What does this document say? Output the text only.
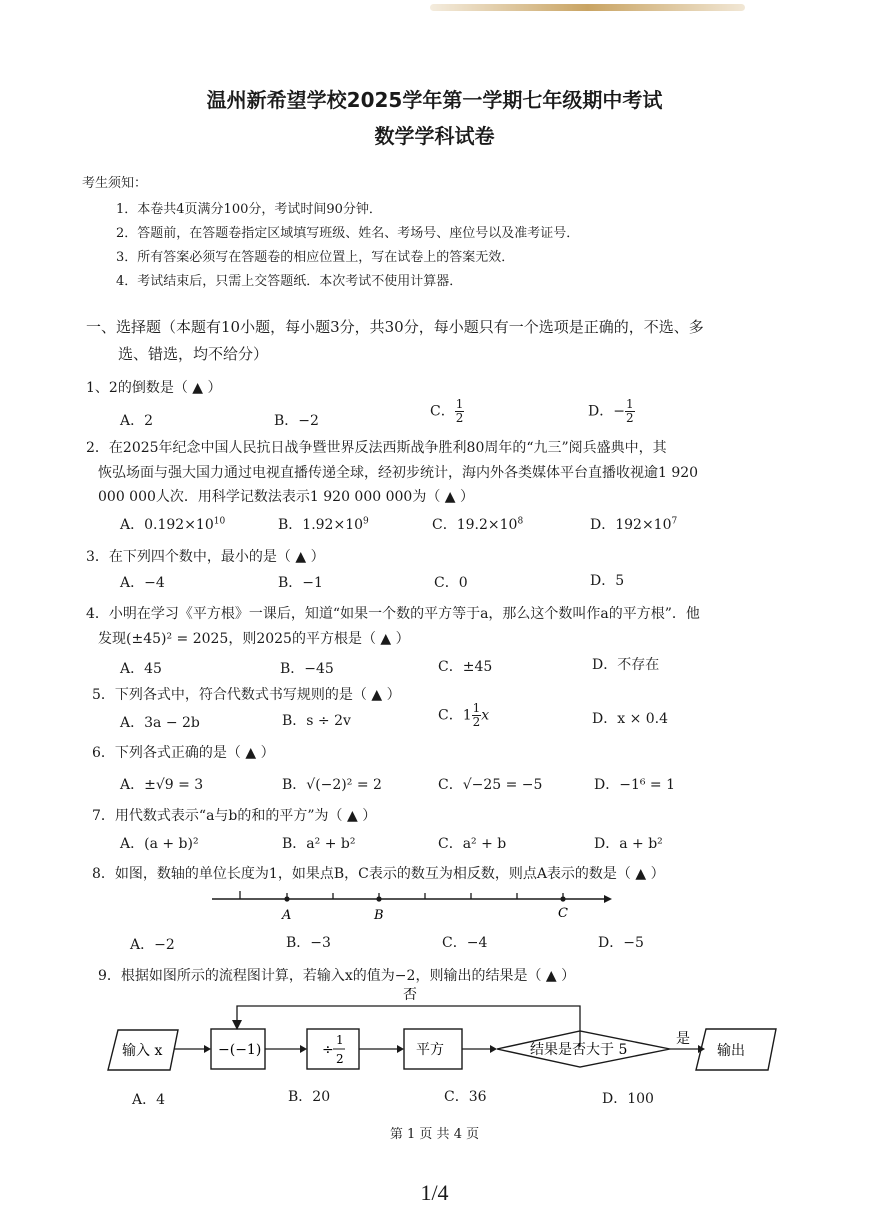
温州新希望学校2025学年第一学期七年级期中考试
数学学科试卷
考生须知：
1．本卷共4页满分100分，考试时间90分钟．
2．答题前，在答题卷指定区域填写班级、姓名、考场号、座位号以及准考证号．
3．所有答案必须写在答题卷的相应位置上，写在试卷上的答案无效．
4．考试结束后，只需上交答题纸．本次考试不使用计算器．
一、选择题（本题有10小题，每小题3分，共30分，每小题只有一个选项是正确的，不选、多
选、错选，均不给分）
1、2的倒数是（ ▲ ）
A．2	B．−2
C． $\frac{1}{2}$	D．− $\frac{1}{2}$
2．在2025年纪念中国人民抗日战争暨世界反法西斯战争胜利80周年的“九三”阅兵盛典中，其
恢弘场面与强大国力通过电视直播传递全球，经初步统计，海内外各类媒体平台直播收视逾1 920
000 000人次．用科学记数法表示1 920 000 000为（ ▲ ）
A．$0.192\times 10^{10}$	B．$1.92\times 10^9$	C．$19.2\times 10^8$	D．$192\times 10^7$
3．在下列四个数中，最小的是（ ▲ ）
A．−4	B．−1	C．0	D．5
4．小明在学习《平方根》一课后，知道“如果一个数的平方等于a，那么这个数叫作a的平方根”．他
发现(±45)² = 2025，则2025的平方根是（ ▲ ）
A．45	B．−45	C．±45	D．不存在
5．下列各式中，符合代数式书写规则的是（ ▲ ）
A．3a − 2b	B．s ÷ 2v	C．$1 \frac{1}{2}$ x	D．x × 0.4
6．下列各式正确的是（ ▲ ）
A．±√9 = 3	B．√(−2)² = 2	C．√−25 = −5	D．−1⁶ = 1
7．用代数式表示“a与b的和的平方”为（ ▲ ）
A．(a + b)²	B．a² + b²	C．a² + b	D．a + b²
8．如图，数轴的单位长度为1，如果点B，C表示的数互为相反数，则点A表示的数是（ ▲ ）
A	B	C
A．−2	B．−3	C．−4	D．−5
9．根据如图所示的流程图计算，若输入x的值为−2，则输出的结果是（ ▲ ）
否
输入 x	−(−1)	÷
1
2
平方	结果是否大于 5
是
输出
A．4	B．20	C．36	D．100
第 1 页 共 4 页
1/4
